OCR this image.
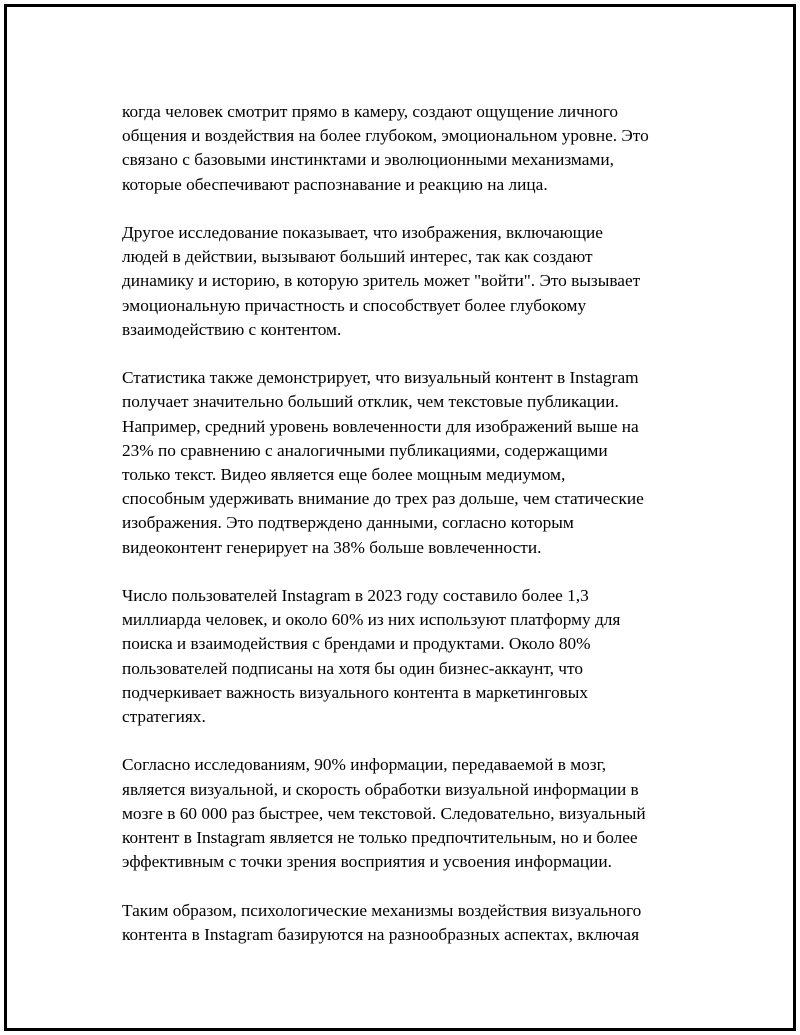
когда человек смотрит прямо в камеру, создают ощущение личного
общения и воздействия на более глубоком, эмоциональном уровне. Это
связано с базовыми инстинктами и эволюционными механизмами,
которые обеспечивают распознавание и реакцию на лица.

Другое исследование показывает, что изображения, включающие
людей в действии, вызывают больший интерес, так как создают
динамику и историю, в которую зритель может "войти". Это вызывает
эмоциональную причастность и способствует более глубокому
взаимодействию с контентом.

Статистика также демонстрирует, что визуальный контент в Instagram
получает значительно больший отклик, чем текстовые публикации.
Например, средний уровень вовлеченности для изображений выше на
23% по сравнению с аналогичными публикациями, содержащими
только текст. Видео является еще более мощным медиумом,
способным удерживать внимание до трех раз дольше, чем статические
изображения. Это подтверждено данными, согласно которым
видеоконтент генерирует на 38% больше вовлеченности.

Число пользователей Instagram в 2023 году составило более 1,3
миллиарда человек, и около 60% из них используют платформу для
поиска и взаимодействия с брендами и продуктами. Около 80%
пользователей подписаны на хотя бы один бизнес-аккаунт, что
подчеркивает важность визуального контента в маркетинговых
стратегиях.

Согласно исследованиям, 90% информации, передаваемой в мозг,
является визуальной, и скорость обработки визуальной информации в
мозге в 60 000 раз быстрее, чем текстовой. Следовательно, визуальный
контент в Instagram является не только предпочтительным, но и более
эффективным с точки зрения восприятия и усвоения информации.

Таким образом, психологические механизмы воздействия визуального
контента в Instagram базируются на разнообразных аспектах, включая
